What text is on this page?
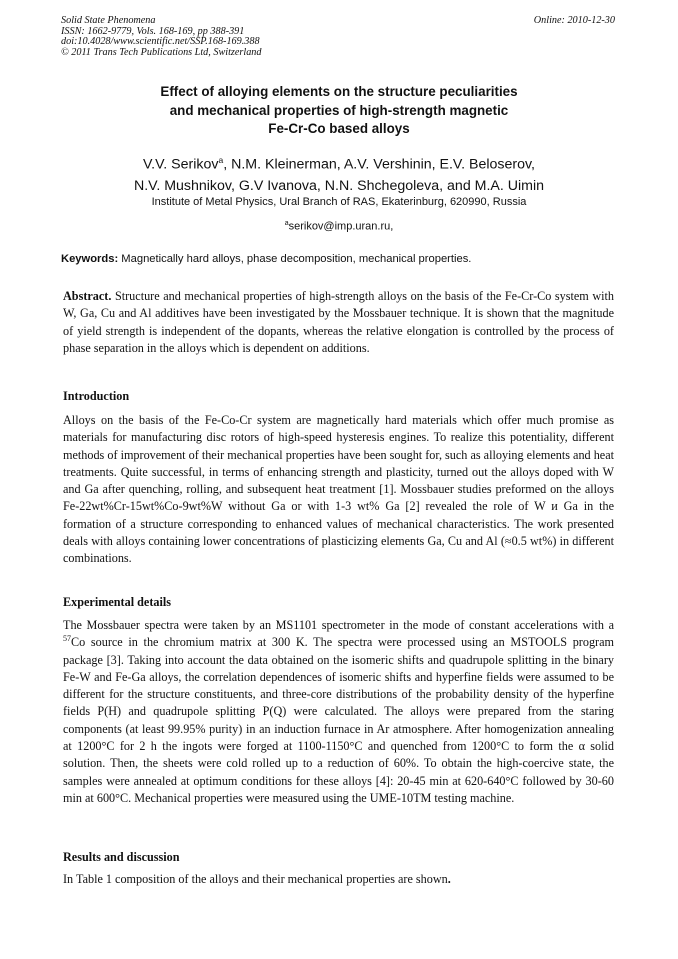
Solid State Phenomena
ISSN: 1662-9779, Vols. 168-169, pp 388-391
doi:10.4028/www.scientific.net/SSP.168-169.388
© 2011 Trans Tech Publications Ltd, Switzerland
Online: 2010-12-30
Effect of alloying elements on the structure peculiarities
and mechanical properties of high-strength magnetic
Fe-Cr-Co based alloys
V.V. Serikov$^a$, N.M. Kleinerman, A.V. Vershinin, E.V. Beloserov,
N.V. Mushnikov, G.V Ivanova, N.N. Shchegoleva, and M.A. Uimin
Institute of Metal Physics, Ural Branch of RAS, Ekaterinburg, 620990, Russia
$^a$serikov@imp.uran.ru,
Keywords: Magnetically hard alloys, phase decomposition, mechanical properties.
Abstract. Structure and mechanical properties of high-strength alloys on the basis of the Fe-Cr-Co system with W, Ga, Cu and Al additives have been investigated by the Mossbauer technique. It is shown that the magnitude of yield strength is independent of the dopants, whereas the relative elongation is controlled by the process of phase separation in the alloys which is dependent on additions.
Introduction
Alloys on the basis of the Fe-Co-Cr system are magnetically hard materials which offer much promise as materials for manufacturing disc rotors of high-speed hysteresis engines. To realize this potentiality, different methods of improvement of their mechanical properties have been sought for, such as alloying elements and heat treatments. Quite successful, in terms of enhancing strength and plasticity, turned out the alloys doped with W and Ga after quenching, rolling, and subsequent heat treatment [1]. Mossbauer studies preformed on the alloys Fe-22wt%Cr-15wt%Co-9wt%W without Ga or with 1-3 wt% Ga [2] revealed the role of W и Ga in the formation of a structure corresponding to enhanced values of mechanical characteristics. The work presented deals with alloys containing lower concentrations of plasticizing elements Ga, Cu and Al (≈0.5 wt%) in different combinations.
Experimental details
The Mossbauer spectra were taken by an MS1101 spectrometer in the mode of constant accelerations with a $^{57}$Co source in the chromium matrix at 300 K. The spectra were processed using an MSTOOLS program package [3]. Taking into account the data obtained on the isomeric shifts and quadrupole splitting in the binary Fe-W and Fe-Ga alloys, the correlation dependences of isomeric shifts and hyperfine fields were assumed to be different for the structure constituents, and three-core distributions of the probability density of the hyperfine fields P(H) and quadrupole splitting P(Q) were calculated. The alloys were prepared from the staring components (at least 99.95% purity) in an induction furnace in Ar atmosphere. After homogenization annealing at 1200°C for 2 h the ingots were forged at 1100-1150°C and quenched from 1200°C to form the α solid solution. Then, the sheets were cold rolled up to a reduction of 60%. To obtain the high-coercive state, the samples were annealed at optimum conditions for these alloys [4]: 20-45 min at 620-640°C followed by 30-60 min at 600°C. Mechanical properties were measured using the UME-10TM testing machine.
Results and discussion
In Table 1 composition of the alloys and their mechanical properties are shown.
